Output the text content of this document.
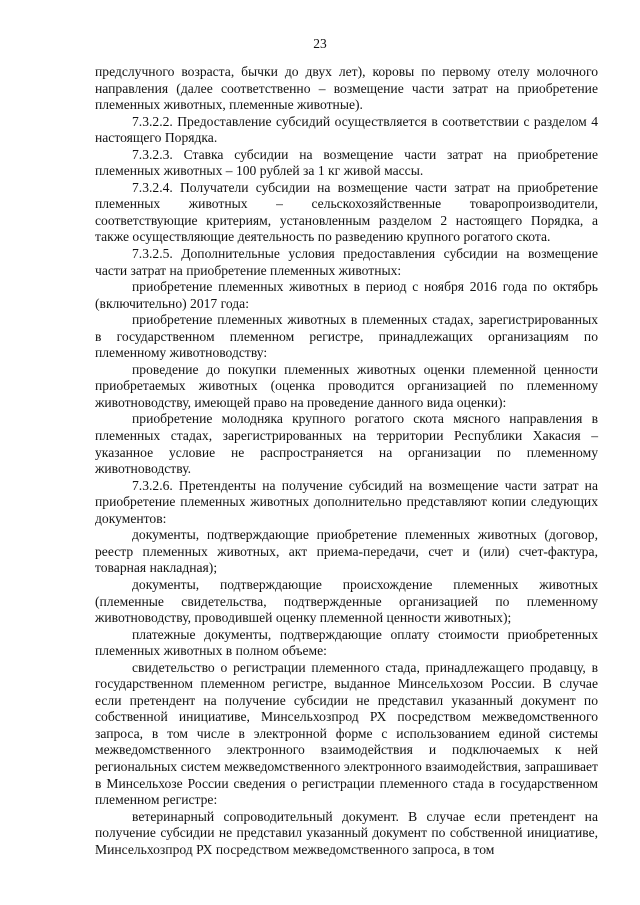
23

предслучного возраста, бычки до двух лет), коровы по первому отелу молочного направления (далее соответственно – возмещение части затрат на приобретение племенных животных, племенные животные).

7.3.2.2. Предоставление субсидий осуществляется в соответствии с разделом 4 настоящего Порядка.

7.3.2.3. Ставка субсидии на возмещение части затрат на приобретение племенных животных – 100 рублей за 1 кг живой массы.

7.3.2.4. Получатели субсидии на возмещение части затрат на приобретение племенных животных – сельскохозяйственные товаропроизводители, соответствующие критериям, установленным разделом 2 настоящего Порядка, а также осуществляющие деятельность по разведению крупного рогатого скота.

7.3.2.5. Дополнительные условия предоставления субсидии на возмещение части затрат на приобретение племенных животных:

приобретение племенных животных в период с ноября 2016 года по октябрь (включительно) 2017 года:

приобретение племенных животных в племенных стадах, зарегистрированных в государственном племенном регистре, принадлежащих организациям по племенному животноводству:

проведение до покупки племенных животных оценки племенной ценности приобретаемых животных (оценка проводится организацией по племенному животноводству, имеющей право на проведение данного вида оценки):

приобретение молодняка крупного рогатого скота мясного направления в племенных стадах, зарегистрированных на территории Республики Хакасия – указанное условие не распространяется на организации по племенному животноводству.

7.3.2.6. Претенденты на получение субсидий на возмещение части затрат на приобретение племенных животных дополнительно представляют копии следующих документов:

документы, подтверждающие приобретение племенных животных (договор, реестр племенных животных, акт приема-передачи, счет и (или) счет-фактура, товарная накладная);

документы, подтверждающие происхождение племенных животных (племенные свидетельства, подтвержденные организацией по племенному животноводству, проводившей оценку племенной ценности животных);

платежные документы, подтверждающие оплату стоимости приобретенных племенных животных в полном объеме:

свидетельство о регистрации племенного стада, принадлежащего продавцу, в государственном племенном регистре, выданное Минсельхозом России. В случае если претендент на получение субсидии не представил указанный документ по собственной инициативе, Минсельхозпрод РХ посредством межведомственного запроса, в том числе в электронной форме с использованием единой системы межведомственного электронного взаимодействия и подключаемых к ней региональных систем межведомственного электронного взаимодействия, запрашивает в Минсельхозе России сведения о регистрации племенного стада в государственном племенном регистре:

ветеринарный сопроводительный документ. В случае если претендент на получение субсидии не представил указанный документ по собственной инициативе, Минсельхозпрод РХ посредством межведомственного запроса, в том
